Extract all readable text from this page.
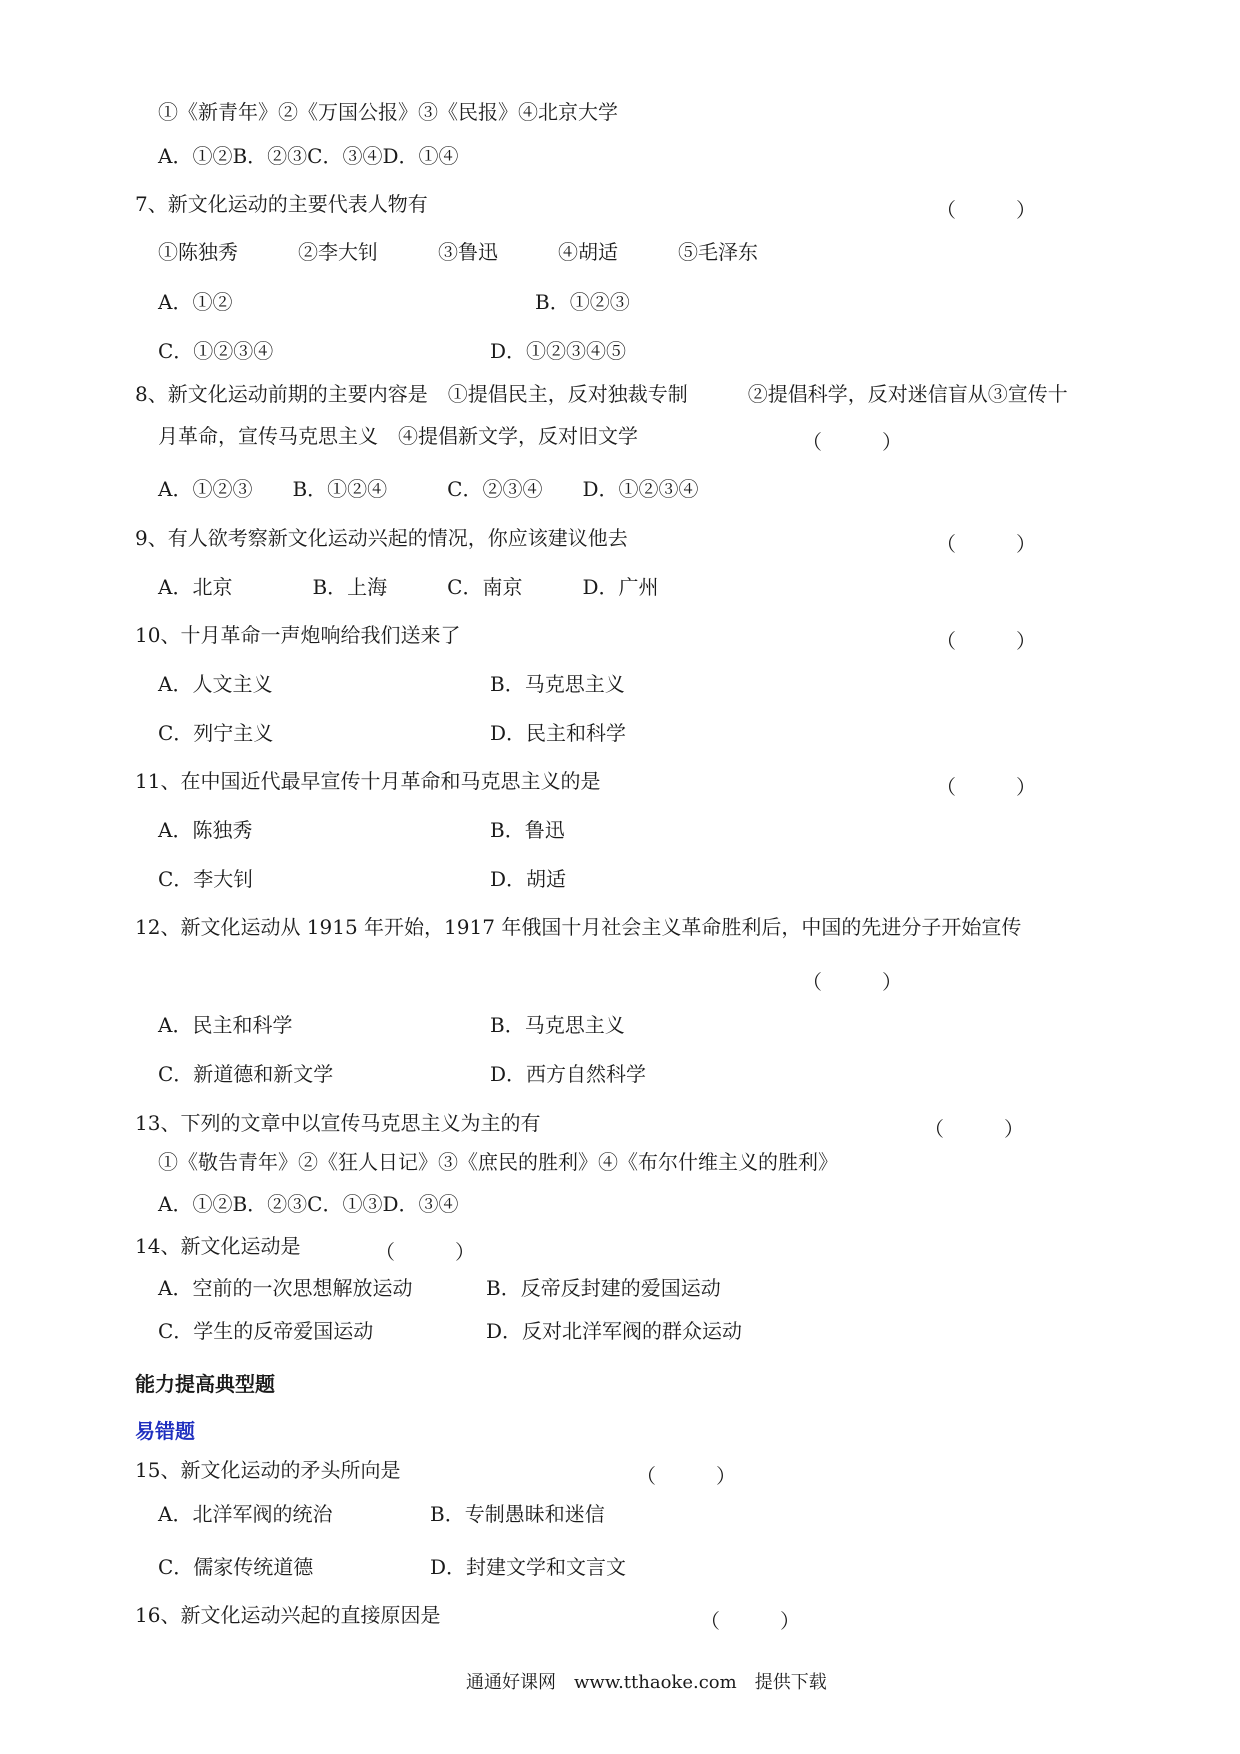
①《新青年》②《万国公报》③《民报》④北京大学
A．①②B．②③C．③④D．①④
7、新文化运动的主要代表人物有	（　　　）
①陈独秀　　　②李大钊　　　③鲁迅　　　④胡适　　　⑤毛泽东
A．①②	B．①②③
C．①②③④	D．①②③④⑤
8、新文化运动前期的主要内容是　①提倡民主，反对独裁专制　　　②提倡科学，反对迷信盲从③宣传十
月革命，宣传马克思主义　④提倡新文学，反对旧文学	（　　　）
A．①②③　　B．①②④　　　C．②③④　　D．①②③④
9、有人欲考察新文化运动兴起的情况，你应该建议他去	（　　　）
A．北京　　　　B．上海　　　C．南京　　　D．广州
10、十月革命一声炮响给我们送来了	（　　　）
A．人文主义	B．马克思主义
C．列宁主义	D．民主和科学
11、在中国近代最早宣传十月革命和马克思主义的是	（　　　）
A．陈独秀	B．鲁迅
C．李大钊	D．胡适
12、新文化运动从 1915 年开始，1917 年俄国十月社会主义革命胜利后，中国的先进分子开始宣传
（　　　）
A．民主和科学	B．马克思主义
C．新道德和新文学	D．西方自然科学
13、下列的文章中以宣传马克思主义为主的有	（　　　）
①《敬告青年》②《狂人日记》③《庶民的胜利》④《布尔什维主义的胜利》
A．①②B．②③C．①③D．③④
14、新文化运动是	（　　　）
A．空前的一次思想解放运动	B．反帝反封建的爱国运动
C．学生的反帝爱国运动	D．反对北洋军阀的群众运动
能力提高典型题
易错题
15、新文化运动的矛头所向是	（　　　）
A．北洋军阀的统治	B．专制愚昧和迷信
C．儒家传统道德	D．封建文学和文言文
16、新文化运动兴起的直接原因是	（　　　）
通通好课网　www.tthaoke.com　提供下载
